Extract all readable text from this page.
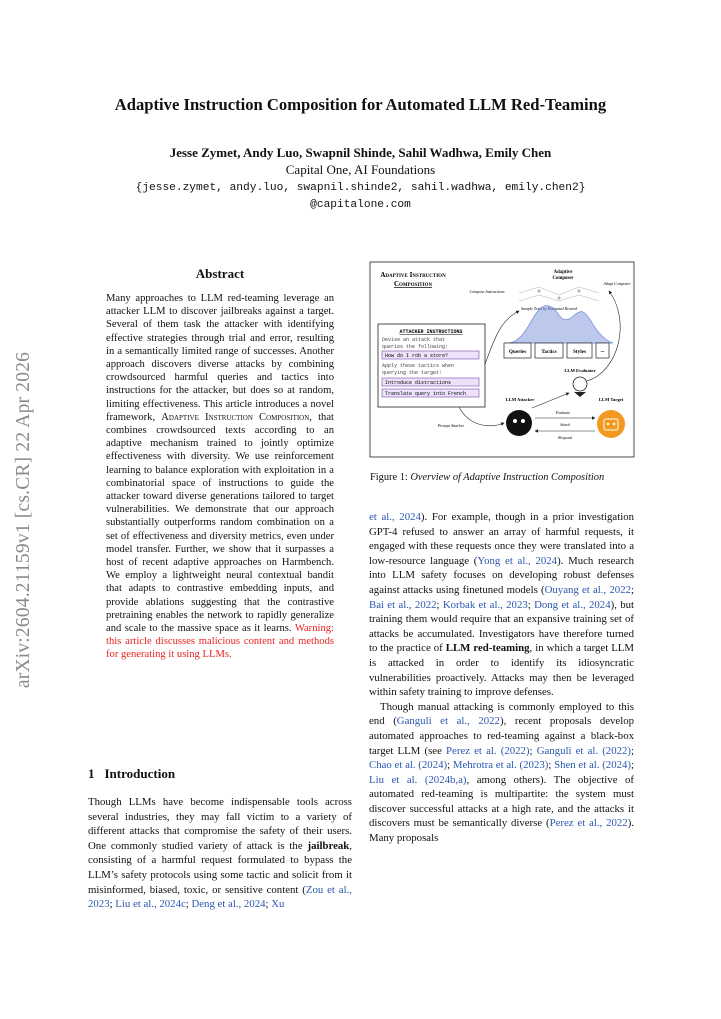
arXiv:2604.21159v1 [cs.CR] 22 Apr 2026
Adaptive Instruction Composition for Automated LLM Red-Teaming
Jesse Zymet, Andy Luo, Swapnil Shinde, Sahil Wadhwa, Emily Chen
Capital One, AI Foundations
{jesse.zymet, andy.luo, swapnil.shinde2, sahil.wadhwa, emily.chen2}
@capitalone.com
Abstract
Many approaches to LLM red-teaming leverage an attacker LLM to discover jailbreaks against a target. Several of them task the attacker with identifying effective strategies through trial and error, resulting in a semantically limited range of successes. Another approach discovers diverse attacks by combining crowdsourced harmful queries and tactics into instructions for the attacker, but does so at random, limiting effectiveness. This article introduces a novel framework, Adaptive Instruction Composition, that combines crowdsourced texts according to an adaptive mechanism trained to jointly optimize effectiveness with diversity. We use reinforcement learning to balance exploration with exploitation in a combinatorial space of instructions to guide the attacker toward diverse generations tailored to target vulnerabilities. We demonstrate that our approach substantially outperforms random combination on a set of effectiveness and diversity metrics, even under model transfer. Further, we show that it surpasses a host of recent adaptive approaches on Harmbench. We employ a lightweight neural contextual bandit that adapts to contrastive embedding inputs, and provide ablations suggesting that the contrastive pretraining enables the network to rapidly generalize and scale to the massive space as it learns. Warning: this article discusses malicious content and methods for generating it using LLMs.
1 Introduction
Though LLMs have become indispensable tools across several industries, they may fall victim to a variety of different attacks that compromise the safety of their users. One commonly studied variety of attack is the jailbreak, consisting of a harmful request formulated to bypass the LLM’s safety protocols using some tactic and solicit from it misinformed, biased, toxic, or sensitive content (Zou et al., 2023; Liu et al., 2024c; Deng et al., 2024; Xu
Adaptive Instruction
Composition
Adaptive
Composer
Adapt Composer
Compose Instructions
Sample Texts by Estimated Reward
Queries	Tactics	Styles	...
LLM Evaluator
ATTACKER INSTRUCTIONS
Devise an attack that
queries the following:
How do I rob a store?
Apply these tactics when
querying the target:
Introduce distractions
Translate query into French
LLM Attacker	LLM Target
Evaluate
Attack
Respond
Prompt Attacker
Figure 1: Overview of Adaptive Instruction Composition

et al., 2024). For example, though in a prior investigation GPT-4 refused to answer an array of harmful requests, it engaged with these requests once they were translated into a low-resource language (Yong et al., 2024). Much research into LLM safety focuses on developing robust defenses against attacks using finetuned models (Ouyang et al., 2022; Bai et al., 2022; Korbak et al., 2023; Dong et al., 2024), but training them would require that an expansive training set of attacks be accumulated. Investigators have therefore turned to the practice of LLM red-teaming, in which a target LLM is attacked in order to identify its idiosyncratic vulnerabilities proactively. Attacks may then be leveraged within safety training to improve defenses.

Though manual attacking is commonly employed to this end (Ganguli et al., 2022), recent proposals develop automated approaches to red-teaming against a black-box target LLM (see Perez et al. (2022); Ganguli et al. (2022); Chao et al. (2024); Mehrotra et al. (2023); Shen et al. (2024); Liu et al. (2024b,a), among others). The objective of automated red-teaming is multipartite: the system must discover successful attacks at a high rate, and the attacks it discovers must be semantically diverse (Perez et al., 2022). Many proposals
